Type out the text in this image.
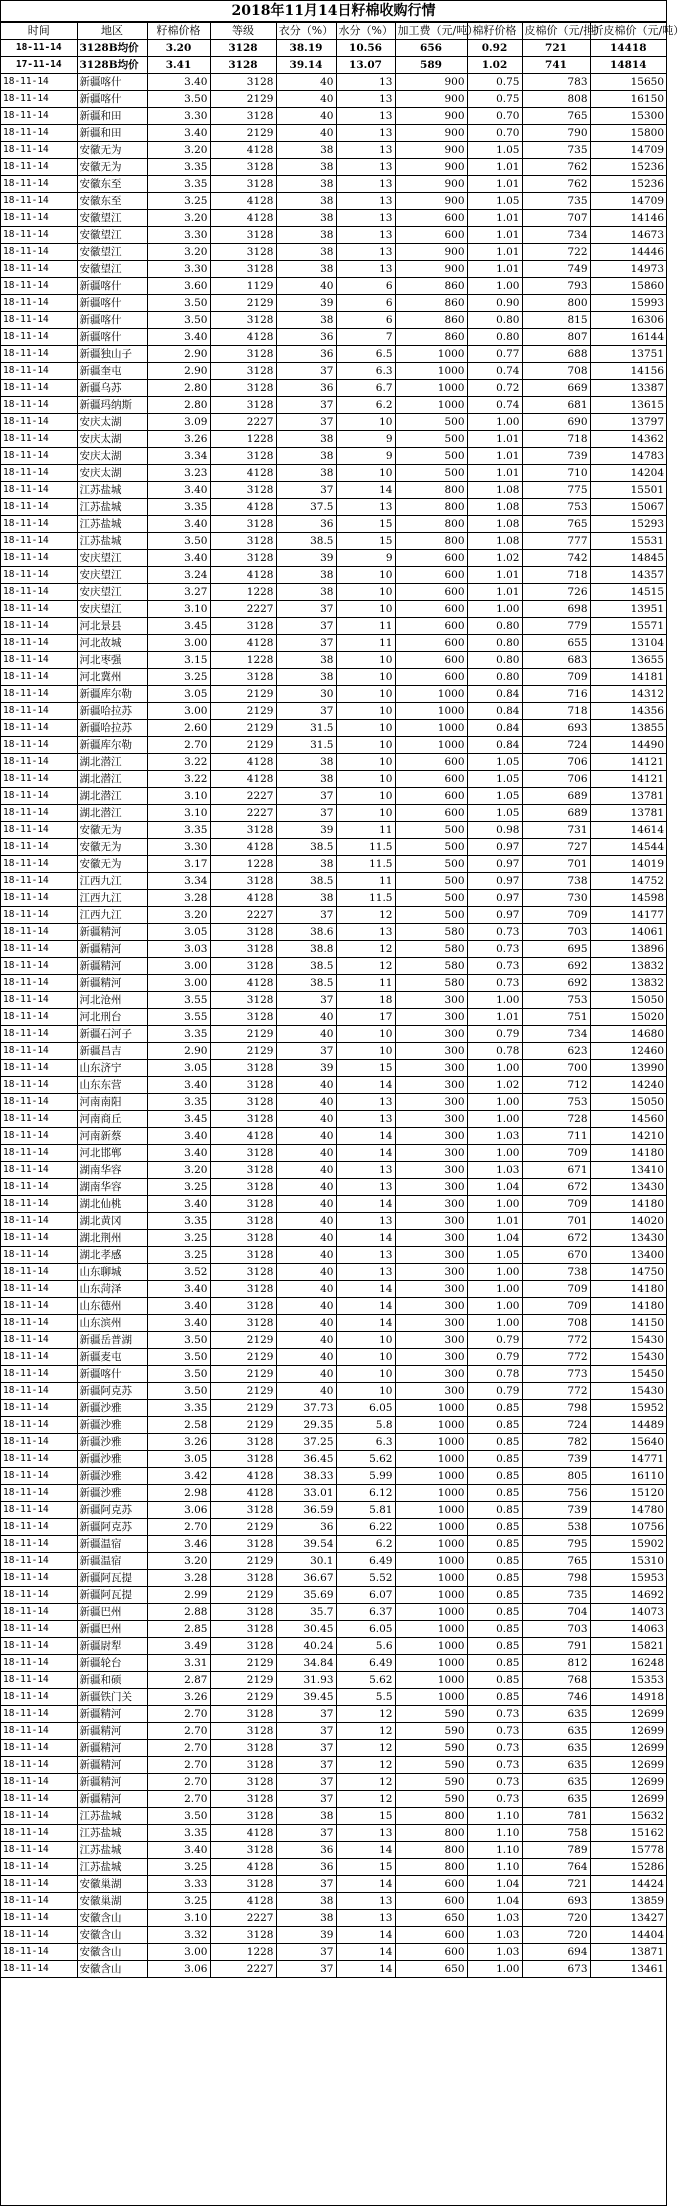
2018年11月14日籽棉收购行情
时间	地区	籽棉价格	等级	衣分（%）	水分（%）	加工费（元/吨）	棉籽价格	皮棉价（元/担）	折皮棉价（元/吨）
18-11-14	3128B均价	3.20	3128	38.19	10.56	656	0.92	721	14418
17-11-14	3128B均价	3.41	3128	39.14	13.07	589	1.02	741	14814
18-11-14	新疆喀什	3.40	3128	40	13	900	0.75	783	15650
18-11-14	新疆喀什	3.50	2129	40	13	900	0.75	808	16150
18-11-14	新疆和田	3.30	3128	40	13	900	0.70	765	15300
18-11-14	新疆和田	3.40	2129	40	13	900	0.70	790	15800
18-11-14	安徽无为	3.20	4128	38	13	900	1.05	735	14709
18-11-14	安徽无为	3.35	3128	38	13	900	1.01	762	15236
18-11-14	安徽东至	3.35	3128	38	13	900	1.01	762	15236
18-11-14	安徽东至	3.25	4128	38	13	900	1.05	735	14709
18-11-14	安徽望江	3.20	4128	38	13	600	1.01	707	14146
18-11-14	安徽望江	3.30	3128	38	13	600	1.01	734	14673
18-11-14	安徽望江	3.20	3128	38	13	900	1.01	722	14446
18-11-14	安徽望江	3.30	3128	38	13	900	1.01	749	14973
18-11-14	新疆喀什	3.60	1129	40	6	860	1.00	793	15860
18-11-14	新疆喀什	3.50	2129	39	6	860	0.90	800	15993
18-11-14	新疆喀什	3.50	3128	38	6	860	0.80	815	16306
18-11-14	新疆喀什	3.40	4128	36	7	860	0.80	807	16144
18-11-14	新疆独山子	2.90	3128	36	6.5	1000	0.77	688	13751
18-11-14	新疆奎屯	2.90	3128	37	6.3	1000	0.74	708	14156
18-11-14	新疆乌苏	2.80	3128	36	6.7	1000	0.72	669	13387
18-11-14	新疆玛纳斯	2.80	3128	37	6.2	1000	0.74	681	13615
18-11-14	安庆太湖	3.09	2227	37	10	500	1.00	690	13797
18-11-14	安庆太湖	3.26	1228	38	9	500	1.01	718	14362
18-11-14	安庆太湖	3.34	3128	38	9	500	1.01	739	14783
18-11-14	安庆太湖	3.23	4128	38	10	500	1.01	710	14204
18-11-14	江苏盐城	3.40	3128	37	14	800	1.08	775	15501
18-11-14	江苏盐城	3.35	4128	37.5	13	800	1.08	753	15067
18-11-14	江苏盐城	3.40	3128	36	15	800	1.08	765	15293
18-11-14	江苏盐城	3.50	3128	38.5	15	800	1.08	777	15531
18-11-14	安庆望江	3.40	3128	39	9	600	1.02	742	14845
18-11-14	安庆望江	3.24	4128	38	10	600	1.01	718	14357
18-11-14	安庆望江	3.27	1228	38	10	600	1.01	726	14515
18-11-14	安庆望江	3.10	2227	37	10	600	1.00	698	13951
18-11-14	河北景县	3.45	3128	37	11	600	0.80	779	15571
18-11-14	河北故城	3.00	4128	37	11	600	0.80	655	13104
18-11-14	河北枣强	3.15	1228	38	10	600	0.80	683	13655
18-11-14	河北冀州	3.25	3128	38	10	600	0.80	709	14181
18-11-14	新疆库尔勒	3.05	2129	30	10	1000	0.84	716	14312
18-11-14	新疆哈拉苏	3.00	2129	37	10	1000	0.84	718	14356
18-11-14	新疆哈拉苏	2.60	2129	31.5	10	1000	0.84	693	13855
18-11-14	新疆库尔勒	2.70	2129	31.5	10	1000	0.84	724	14490
18-11-14	湖北潜江	3.22	4128	38	10	600	1.05	706	14121
18-11-14	湖北潜江	3.22	4128	38	10	600	1.05	706	14121
18-11-14	湖北潜江	3.10	2227	37	10	600	1.05	689	13781
18-11-14	湖北潜江	3.10	2227	37	10	600	1.05	689	13781
18-11-14	安徽无为	3.35	3128	39	11	500	0.98	731	14614
18-11-14	安徽无为	3.30	4128	38.5	11.5	500	0.97	727	14544
18-11-14	安徽无为	3.17	1228	38	11.5	500	0.97	701	14019
18-11-14	江西九江	3.34	3128	38.5	11	500	0.97	738	14752
18-11-14	江西九江	3.28	4128	38	11.5	500	0.97	730	14598
18-11-14	江西九江	3.20	2227	37	12	500	0.97	709	14177
18-11-14	新疆精河	3.05	3128	38.6	13	580	0.73	703	14061
18-11-14	新疆精河	3.03	3128	38.8	12	580	0.73	695	13896
18-11-14	新疆精河	3.00	3128	38.5	12	580	0.73	692	13832
18-11-14	新疆精河	3.00	4128	38.5	11	580	0.73	692	13832
18-11-14	河北沧州	3.55	3128	37	18	300	1.00	753	15050
18-11-14	河北刑台	3.55	3128	40	17	300	1.01	751	15020
18-11-14	新疆石河子	3.35	2129	40	10	300	0.79	734	14680
18-11-14	新疆昌吉	2.90	2129	37	10	300	0.78	623	12460
18-11-14	山东济宁	3.05	3128	39	15	300	1.00	700	13990
18-11-14	山东东营	3.40	3128	40	14	300	1.02	712	14240
18-11-14	河南南阳	3.35	3128	40	13	300	1.00	753	15050
18-11-14	河南商丘	3.45	3128	40	13	300	1.00	728	14560
18-11-14	河南新蔡	3.40	4128	40	14	300	1.03	711	14210
18-11-14	河北邯郸	3.40	3128	40	14	300	1.00	709	14180
18-11-14	湖南华容	3.20	3128	40	13	300	1.03	671	13410
18-11-14	湖南华容	3.25	3128	40	13	300	1.04	672	13430
18-11-14	湖北仙桃	3.40	3128	40	14	300	1.00	709	14180
18-11-14	湖北黄冈	3.35	3128	40	13	300	1.01	701	14020
18-11-14	湖北荆州	3.25	3128	40	14	300	1.04	672	13430
18-11-14	湖北孝感	3.25	3128	40	13	300	1.05	670	13400
18-11-14	山东聊城	3.52	3128	40	13	300	1.00	738	14750
18-11-14	山东菏泽	3.40	3128	40	14	300	1.00	709	14180
18-11-14	山东德州	3.40	3128	40	14	300	1.00	709	14180
18-11-14	山东滨州	3.40	3128	40	14	300	1.00	708	14150
18-11-14	新疆岳普湖	3.50	2129	40	10	300	0.79	772	15430
18-11-14	新疆麦屯	3.50	2129	40	10	300	0.79	772	15430
18-11-14	新疆喀什	3.50	2129	40	10	300	0.78	773	15450
18-11-14	新疆阿克苏	3.50	2129	40	10	300	0.79	772	15430
18-11-14	新疆沙雅	3.35	2129	37.73	6.05	1000	0.85	798	15952
18-11-14	新疆沙雅	2.58	2129	29.35	5.8	1000	0.85	724	14489
18-11-14	新疆沙雅	3.26	3128	37.25	6.3	1000	0.85	782	15640
18-11-14	新疆沙雅	3.05	3128	36.45	5.62	1000	0.85	739	14771
18-11-14	新疆沙雅	3.42	4128	38.33	5.99	1000	0.85	805	16110
18-11-14	新疆沙雅	2.98	4128	33.01	6.12	1000	0.85	756	15120
18-11-14	新疆阿克苏	3.06	3128	36.59	5.81	1000	0.85	739	14780
18-11-14	新疆阿克苏	2.70	2129	36	6.22	1000	0.85	538	10756
18-11-14	新疆温宿	3.46	3128	39.54	6.2	1000	0.85	795	15902
18-11-14	新疆温宿	3.20	2129	30.1	6.49	1000	0.85	765	15310
18-11-14	新疆阿瓦提	3.28	3128	36.67	5.52	1000	0.85	798	15953
18-11-14	新疆阿瓦提	2.99	2129	35.69	6.07	1000	0.85	735	14692
18-11-14	新疆巴州	2.88	3128	35.7	6.37	1000	0.85	704	14073
18-11-14	新疆巴州	2.85	3128	30.45	6.05	1000	0.85	703	14063
18-11-14	新疆尉犁	3.49	3128	40.24	5.6	1000	0.85	791	15821
18-11-14	新疆轮台	3.31	2129	34.84	6.49	1000	0.85	812	16248
18-11-14	新疆和硕	2.87	2129	31.93	5.62	1000	0.85	768	15353
18-11-14	新疆铁门关	3.26	2129	39.45	5.5	1000	0.85	746	14918
18-11-14	新疆精河	2.70	3128	37	12	590	0.73	635	12699
18-11-14	新疆精河	2.70	3128	37	12	590	0.73	635	12699
18-11-14	新疆精河	2.70	3128	37	12	590	0.73	635	12699
18-11-14	新疆精河	2.70	3128	37	12	590	0.73	635	12699
18-11-14	新疆精河	2.70	3128	37	12	590	0.73	635	12699
18-11-14	新疆精河	2.70	3128	37	12	590	0.73	635	12699
18-11-14	江苏盐城	3.50	3128	38	15	800	1.10	781	15632
18-11-14	江苏盐城	3.35	4128	37	13	800	1.10	758	15162
18-11-14	江苏盐城	3.40	3128	36	14	800	1.10	789	15778
18-11-14	江苏盐城	3.25	4128	36	15	800	1.10	764	15286
18-11-14	安徽巢湖	3.33	3128	37	14	600	1.04	721	14424
18-11-14	安徽巢湖	3.25	4128	38	13	600	1.04	693	13859
18-11-14	安徽含山	3.10	2227	38	13	650	1.03	720	13427
18-11-14	安徽含山	3.32	3128	39	14	600	1.03	720	14404
18-11-14	安徽含山	3.00	1228	37	14	600	1.03	694	13871
18-11-14	安徽含山	3.06	2227	37	14	650	1.00	673	13461
